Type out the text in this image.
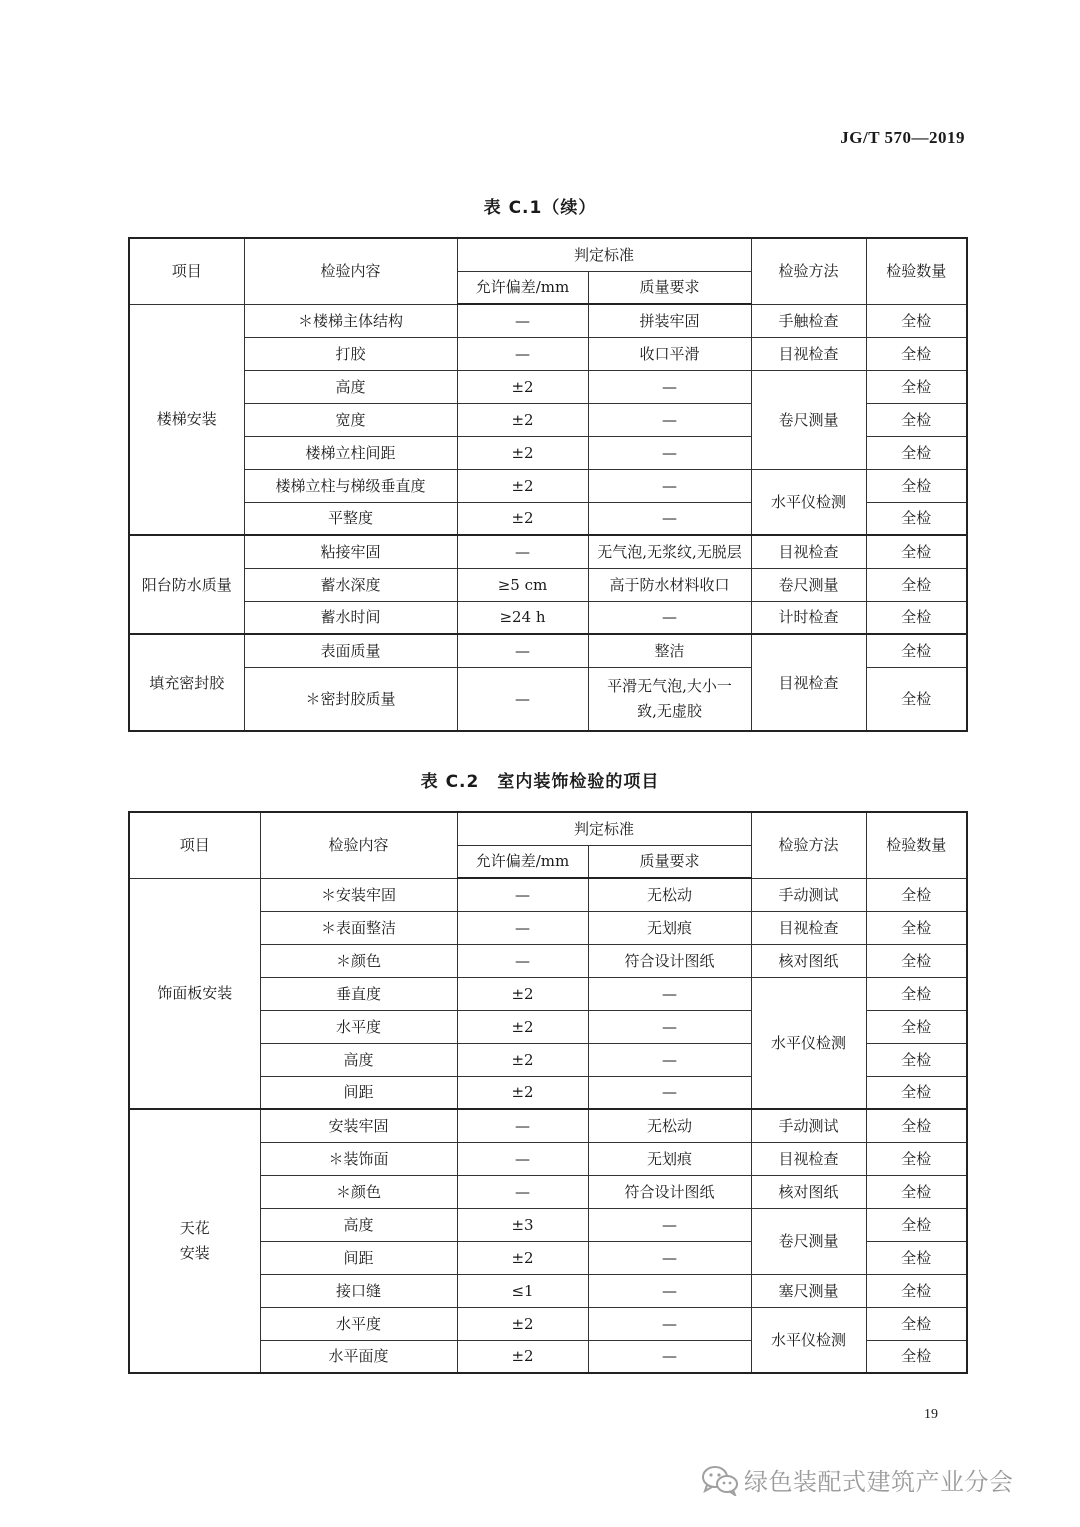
JG/T 570—2019
表 C.1（续）
项目	检验内容	判定标准		检验方法	检验数量
		允许偏差/mm	质量要求		
楼梯安装	＊楼梯主体结构	—	拼装牢固	手触检查	全检
	打胶	—	收口平滑	目视检查	全检
	高度	±2	—	卷尺测量	全检
	宽度	±2	—		全检
	楼梯立柱间距	±2	—		全检
	楼梯立柱与梯级垂直度	±2	—	水平仪检测	全检
	平整度	±2	—		全检
阳台防水质量	粘接牢固	—	无气泡,无浆纹,无脱层	目视检查	全检
	蓄水深度	≥5 cm	高于防水材料收口	卷尺测量	全检
	蓄水时间	≥24 h	—	计时检查	全检
填充密封胶	表面质量	—	整洁	目视检查	全检
	＊密封胶质量	—	平滑无气泡,大小一致,无虚胶		全检
表 C.2　室内装饰检验的项目
项目	检验内容	判定标准		检验方法	检验数量
		允许偏差/mm	质量要求		
饰面板安装	＊安装牢固	—	无松动	手动测试	全检
	＊表面整洁	—	无划痕	目视检查	全检
	＊颜色	—	符合设计图纸	核对图纸	全检
	垂直度	±2	—	水平仪检测	全检
	水平度	±2	—		全检
	高度	±2	—		全检
	间距	±2	—		全检

天花
安装	安装牢固	—	无松动	手动测试	全检
	＊装饰面	—	无划痕	目视检查	全检
	＊颜色	—	符合设计图纸	核对图纸	全检
	高度	±3	—	卷尺测量	全检
	间距	±2	—		全检
	接口缝	≤1	—	塞尺测量	全检
	水平度	±2	—	水平仪检测	全检
	水平面度	±2	—		全检
19
绿色装配式建筑产业分会
